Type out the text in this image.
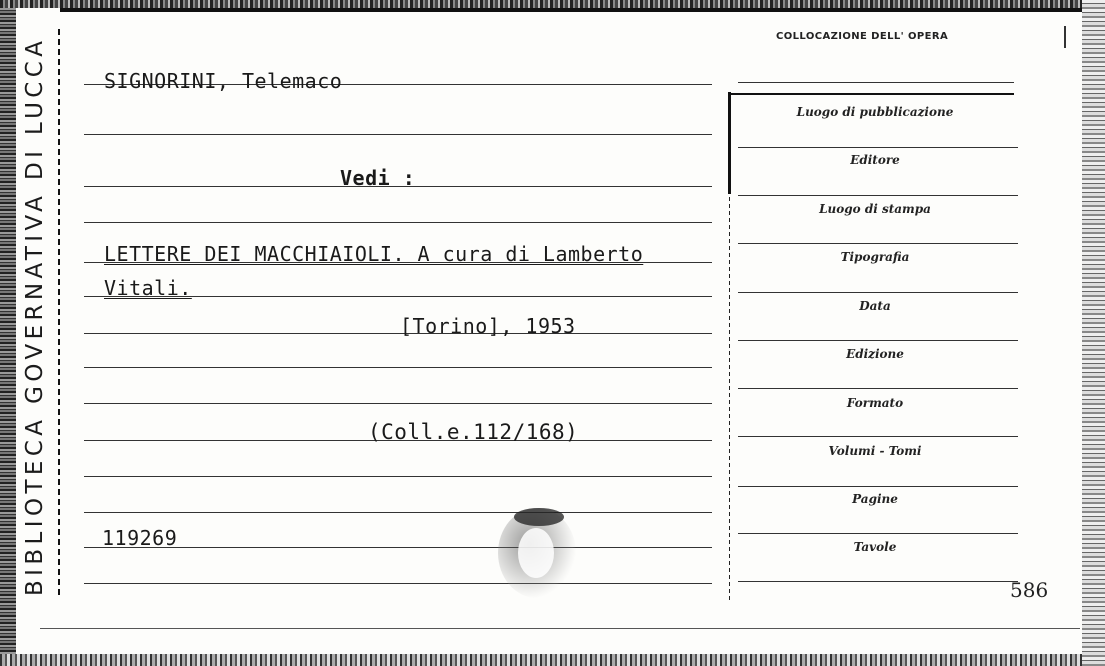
BIBLIOTECA GOVERNATIVA DI LUCCA
COLLOCAZIONE DELL' OPERA
SIGNORINI, Telemaco
Vedi :
LETTERE DEI MACCHIAIOLI. A cura di Lamberto
Vitali.
[Torino], 1953
(Coll.e.112/168)
119269
Luogo di pubblicazione
Editore
Luogo di stampa
Tipografia
Data
Edizione
Formato
Volumi - Tomi
Pagine
Tavole
586
